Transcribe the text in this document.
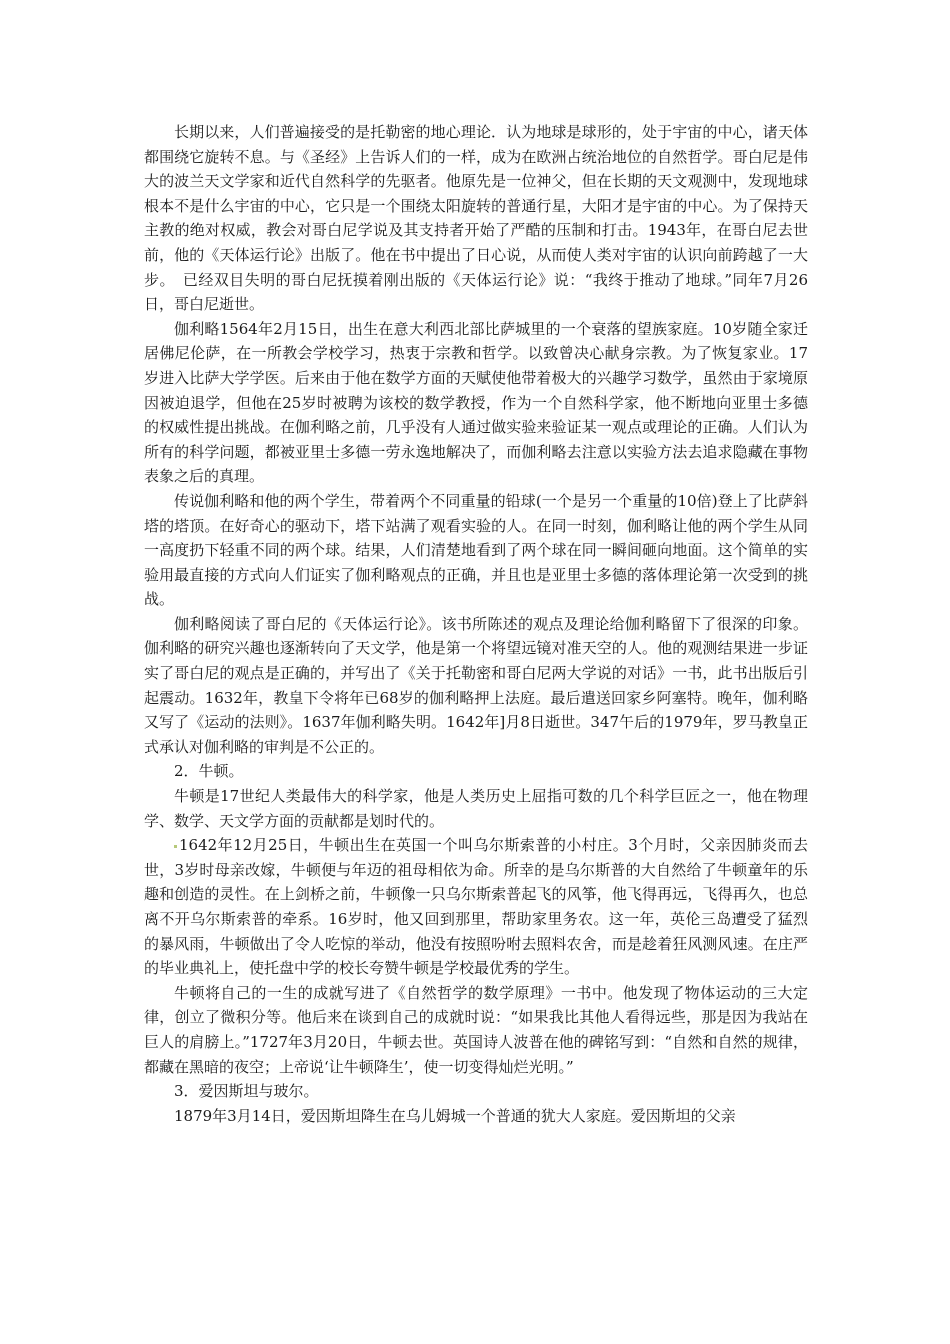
长期以来，人们普遍接受的是托勒密的地心理论．认为地球是球形的，处于宇宙的中心，诸天体都围绕它旋转不息。与《圣经》上告诉人们的一样，成为在欧洲占统治地位的自然哲学。哥白尼是伟大的波兰天文学家和近代自然科学的先驱者。他原先是一位神父，但在长期的天文观测中，发现地球根本不是什么宇宙的中心，它只是一个围绕太阳旋转的普通行星，大阳才是宇宙的中心。为了保持天主教的绝对权威，教会对哥白尼学说及其支持者开始了严酷的压制和打击。1943年，在哥白尼去世前，他的《天体运行论》出版了。他在书中提出了日心说，从而使人类对宇宙的认识向前跨越了一大步。　已经双目失明的哥白尼抚摸着刚出版的《天体运行论》说：“我终于推动了地球。”同年7月26日，哥白尼逝世。

伽利略1564年2月15日，出生在意大利西北部比萨城里的一个衰落的望族家庭。10岁随全家迁居佛尼伦萨，在一所教会学校学习，热衷于宗教和哲学。以致曾决心献身宗教。为了恢复家业。17岁进入比萨大学学医。后来由于他在数学方面的天赋使他带着极大的兴趣学习数学，虽然由于家境原因被迫退学，但他在25岁时被聘为该校的数学教授，作为一个自然科学家，他不断地向亚里士多德的权威性提出挑战。在伽利略之前，几乎没有人通过做实验来验证某一观点或理论的正确。人们认为所有的科学问题，都被亚里士多德一劳永逸地解决了，而伽利略去注意以实验方法去追求隐藏在事物表象之后的真理。

传说伽利略和他的两个学生，带着两个不同重量的铅球(一个是另一个重量的10倍)登上了比萨斜塔的塔顶。在好奇心的驱动下，塔下站满了观看实验的人。在同一时刻，伽利略让他的两个学生从同一高度扔下轻重不同的两个球。结果，人们清楚地看到了两个球在同一瞬间砸向地面。这个简单的实验用最直接的方式向人们证实了伽利略观点的正确，并且也是亚里士多德的落体理论第一次受到的挑战。

伽利略阅读了哥白尼的《天体运行论》。该书所陈述的观点及理论给伽利略留下了很深的印象。伽利略的研究兴趣也逐渐转向了天文学，他是第一个将望远镜对准天空的人。他的观测结果进一步证实了哥白尼的观点是正确的，并写出了《关于托勒密和哥白尼两大学说的对话》一书，此书出版后引起震动。1632年，教皇下令将年已68岁的伽利略押上法庭。最后遣送回家乡阿塞特。晚年，伽利略又写了《运动的法则》。1637年伽利略失明。1642年]月8日逝世。347午后的1979年，罗马教皇正式承认对伽利略的审判是不公正的。

2．牛顿。

牛顿是17世纪人类最伟大的科学家，他是人类历史上屈指可数的几个科学巨匠之一，他在物理学、数学、天文学方面的贡献都是划时代的。

1642年12月25日，牛顿出生在英国一个叫乌尔斯索普的小村庄。3个月时，父亲因肺炎而去世，3岁时母亲改嫁，牛顿便与年迈的祖母相依为命。所幸的是乌尔斯普的大自然给了牛顿童年的乐趣和创造的灵性。在上剑桥之前，牛顿像一只乌尔斯索普起飞的风筝，他飞得再远，飞得再久，也总离不开乌尔斯索普的牵系。16岁时，他又回到那里，帮助家里务农。这一年，英伦三岛遭受了猛烈的暴风雨，牛顿做出了令人吃惊的举动，他没有按照吩咐去照料农舍，而是趁着狂风测风速。在庄严的毕业典礼上，使托盘中学的校长夸赞牛顿是学校最优秀的学生。

牛顿将自己的一生的成就写进了《自然哲学的数学原理》一书中。他发现了物体运动的三大定律，创立了微积分等。他后来在谈到自己的成就时说：“如果我比其他人看得远些，那是因为我站在巨人的肩膀上。”1727年3月20日，牛顿去世。英国诗人波普在他的碑铭写到：“自然和自然的规律，都藏在黑暗的夜空；上帝说‘让牛顿降生’，使一切变得灿烂光明。”

3．爱因斯坦与玻尔。

1879年3月14日，爱因斯坦降生在乌儿姆城一个普通的犹大人家庭。爱因斯坦的父亲
